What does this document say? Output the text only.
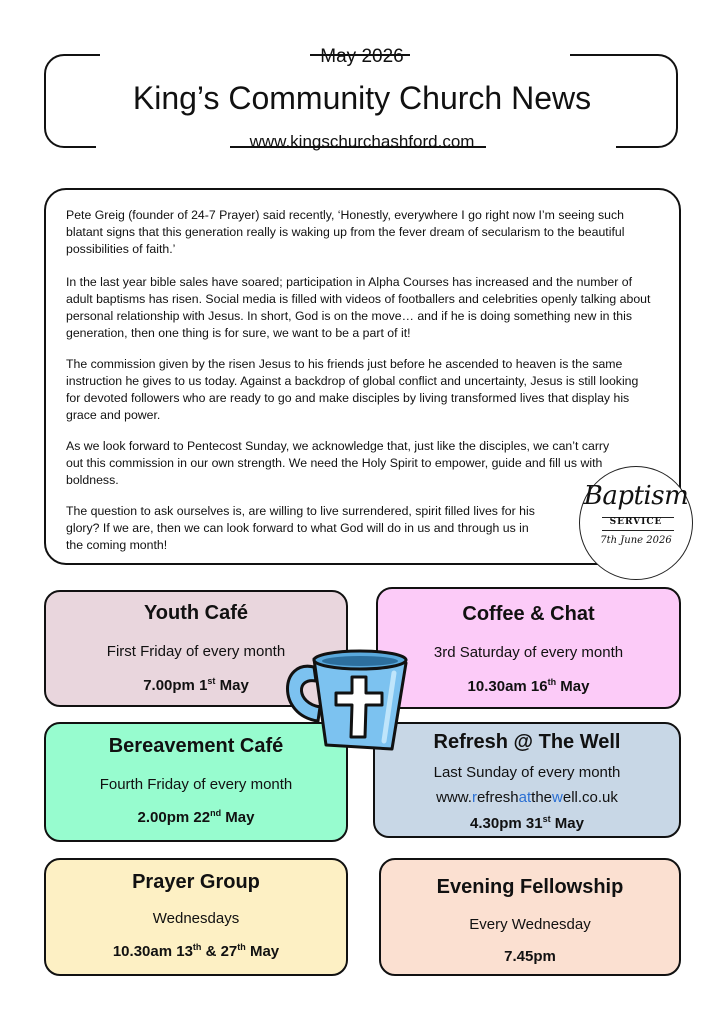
May 2026
King’s Community Church News
www.kingschurchashford.com

Pete Greig (founder of 24-7 Prayer) said recently, ‘Honestly, everywhere I go right now I’m seeing such blatant signs that this generation really is waking up from the fever dream of secularism to the beautiful possibilities of faith.’

In the last year bible sales have soared; participation in Alpha Courses has increased and the number of adult baptisms has risen. Social media is filled with videos of footballers and celebrities openly talking about personal relationship with Jesus. In short, God is on the move… and if he is doing something new in this generation, then one thing is for sure, we want to be a part of it!

The commission given by the risen Jesus to his friends just before he ascended to heaven is the same instruction he gives to us today. Against a backdrop of global conflict and uncertainty, Jesus is still looking for devoted followers who are ready to go and make disciples by living transformed lives that display his grace and power.

As we look forward to Pentecost Sunday, we acknowledge that, just like the disciples, we can’t carry out this commission in our own strength. We need the Holy Spirit to empower, guide and fill us with boldness.

The question to ask ourselves is, are willing to live surrendered, spirit filled lives for his glory? If we are, then we can look forward to what God will do in us and through us in the coming month!

Baptism
SERVICE
7th June 2026
Youth Café
First Friday of every month
7.00pm 1st May
Coffee & Chat
3rd Saturday of every month
10.30am 16th May
Bereavement Café
Fourth Friday of every month
2.00pm 22nd May
Refresh @ The Well
Last Sunday of every month
www.refreshatthewell.co.uk
4.30pm 31st May
Prayer Group
Wednesdays
10.30am 13th & 27th May
Evening Fellowship
Every Wednesday
7.45pm
